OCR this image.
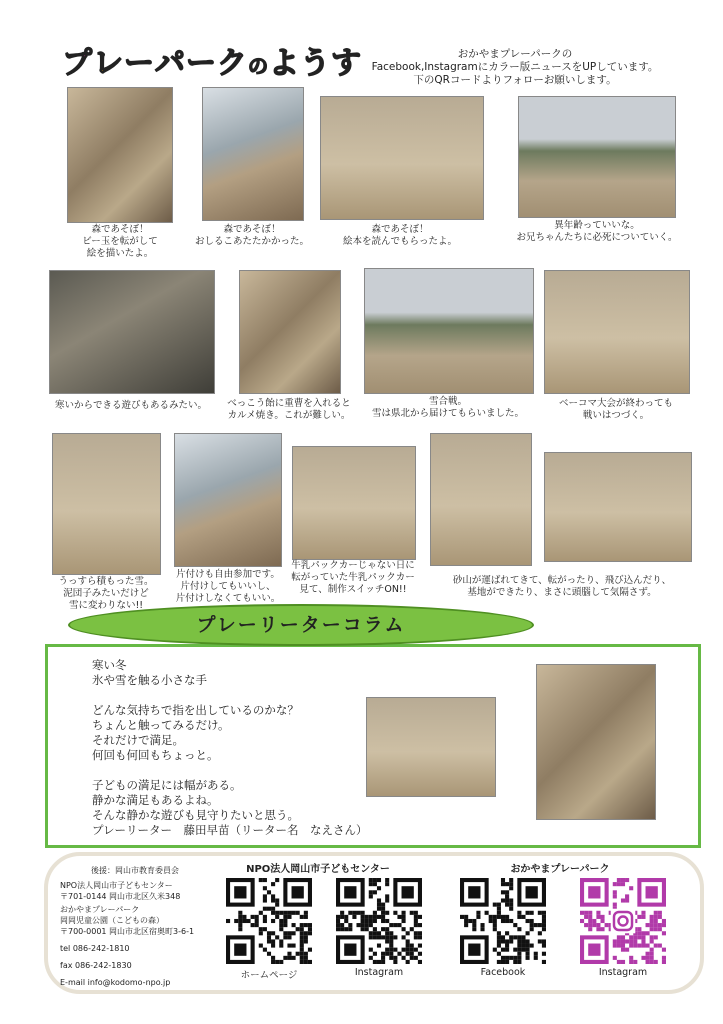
プレーパークのようす	おかやまプレーパークの
Facebook,Instagramにカラー版ニュースをUPしています。
下のQRコードよりフォローお願いします。
森であそぼ！
ビー玉を転がして
絵を描いたよ。
森であそぼ！
おしるこあたたかかった。
森であそぼ！
絵本を読んでもらったよ。
異年齢っていいな。
お兄ちゃんたちに必死についていく。
寒いからできる遊びもあるみたい。	べっこう飴に重曹を入れると
カルメ焼き。これが難しい。
雪合戦。
雪は県北から届けてもらいました。
ベーコマ大会が終わっても
戦いはつづく。
うっすら積もった雪。
泥団子みたいだけど
雪に変わりない!!
片付けも自由参加です。
片付けしてもいいし、
片付けしなくてもいい。
牛乳パックカーじゃない日に
転がっていた牛乳パックカー
見て、制作スイッチON!!
砂山が運ばれてきて、転がったり、飛び込んだり、
基地ができたり、まさに頭腦して気隔さず。
プレーリーターコラム
寒い冬
氷や雪を触る小さな手

どんな気持ちで指を出しているのかな？
ちょんと触ってみるだけ。
それだけで満足。
何回も何回もちょっと。

子どもの満足には幅がある。
静かな満足もあるよね。
そんな静かな遊びも見守りたいと思う。
プレーリーター　藤田早苗（リーター名　なえさん）
後援：岡山市教育委員会
NPO法人岡山市子どもセンター
〒701-0144 岡山市北区久米348
おかやまプレーパーク
岡岡児童公園（こどもの森）
〒700-0001 岡山市北区宿奥町3-6-1
tel 086-242-1810
fax 086-242-1830
E-mail info@kodomo-npo.jp
NPO法人岡山市子どもセンター	おかやまプレーパーク
ホームページ	Instagram	Facebook	Instagram
